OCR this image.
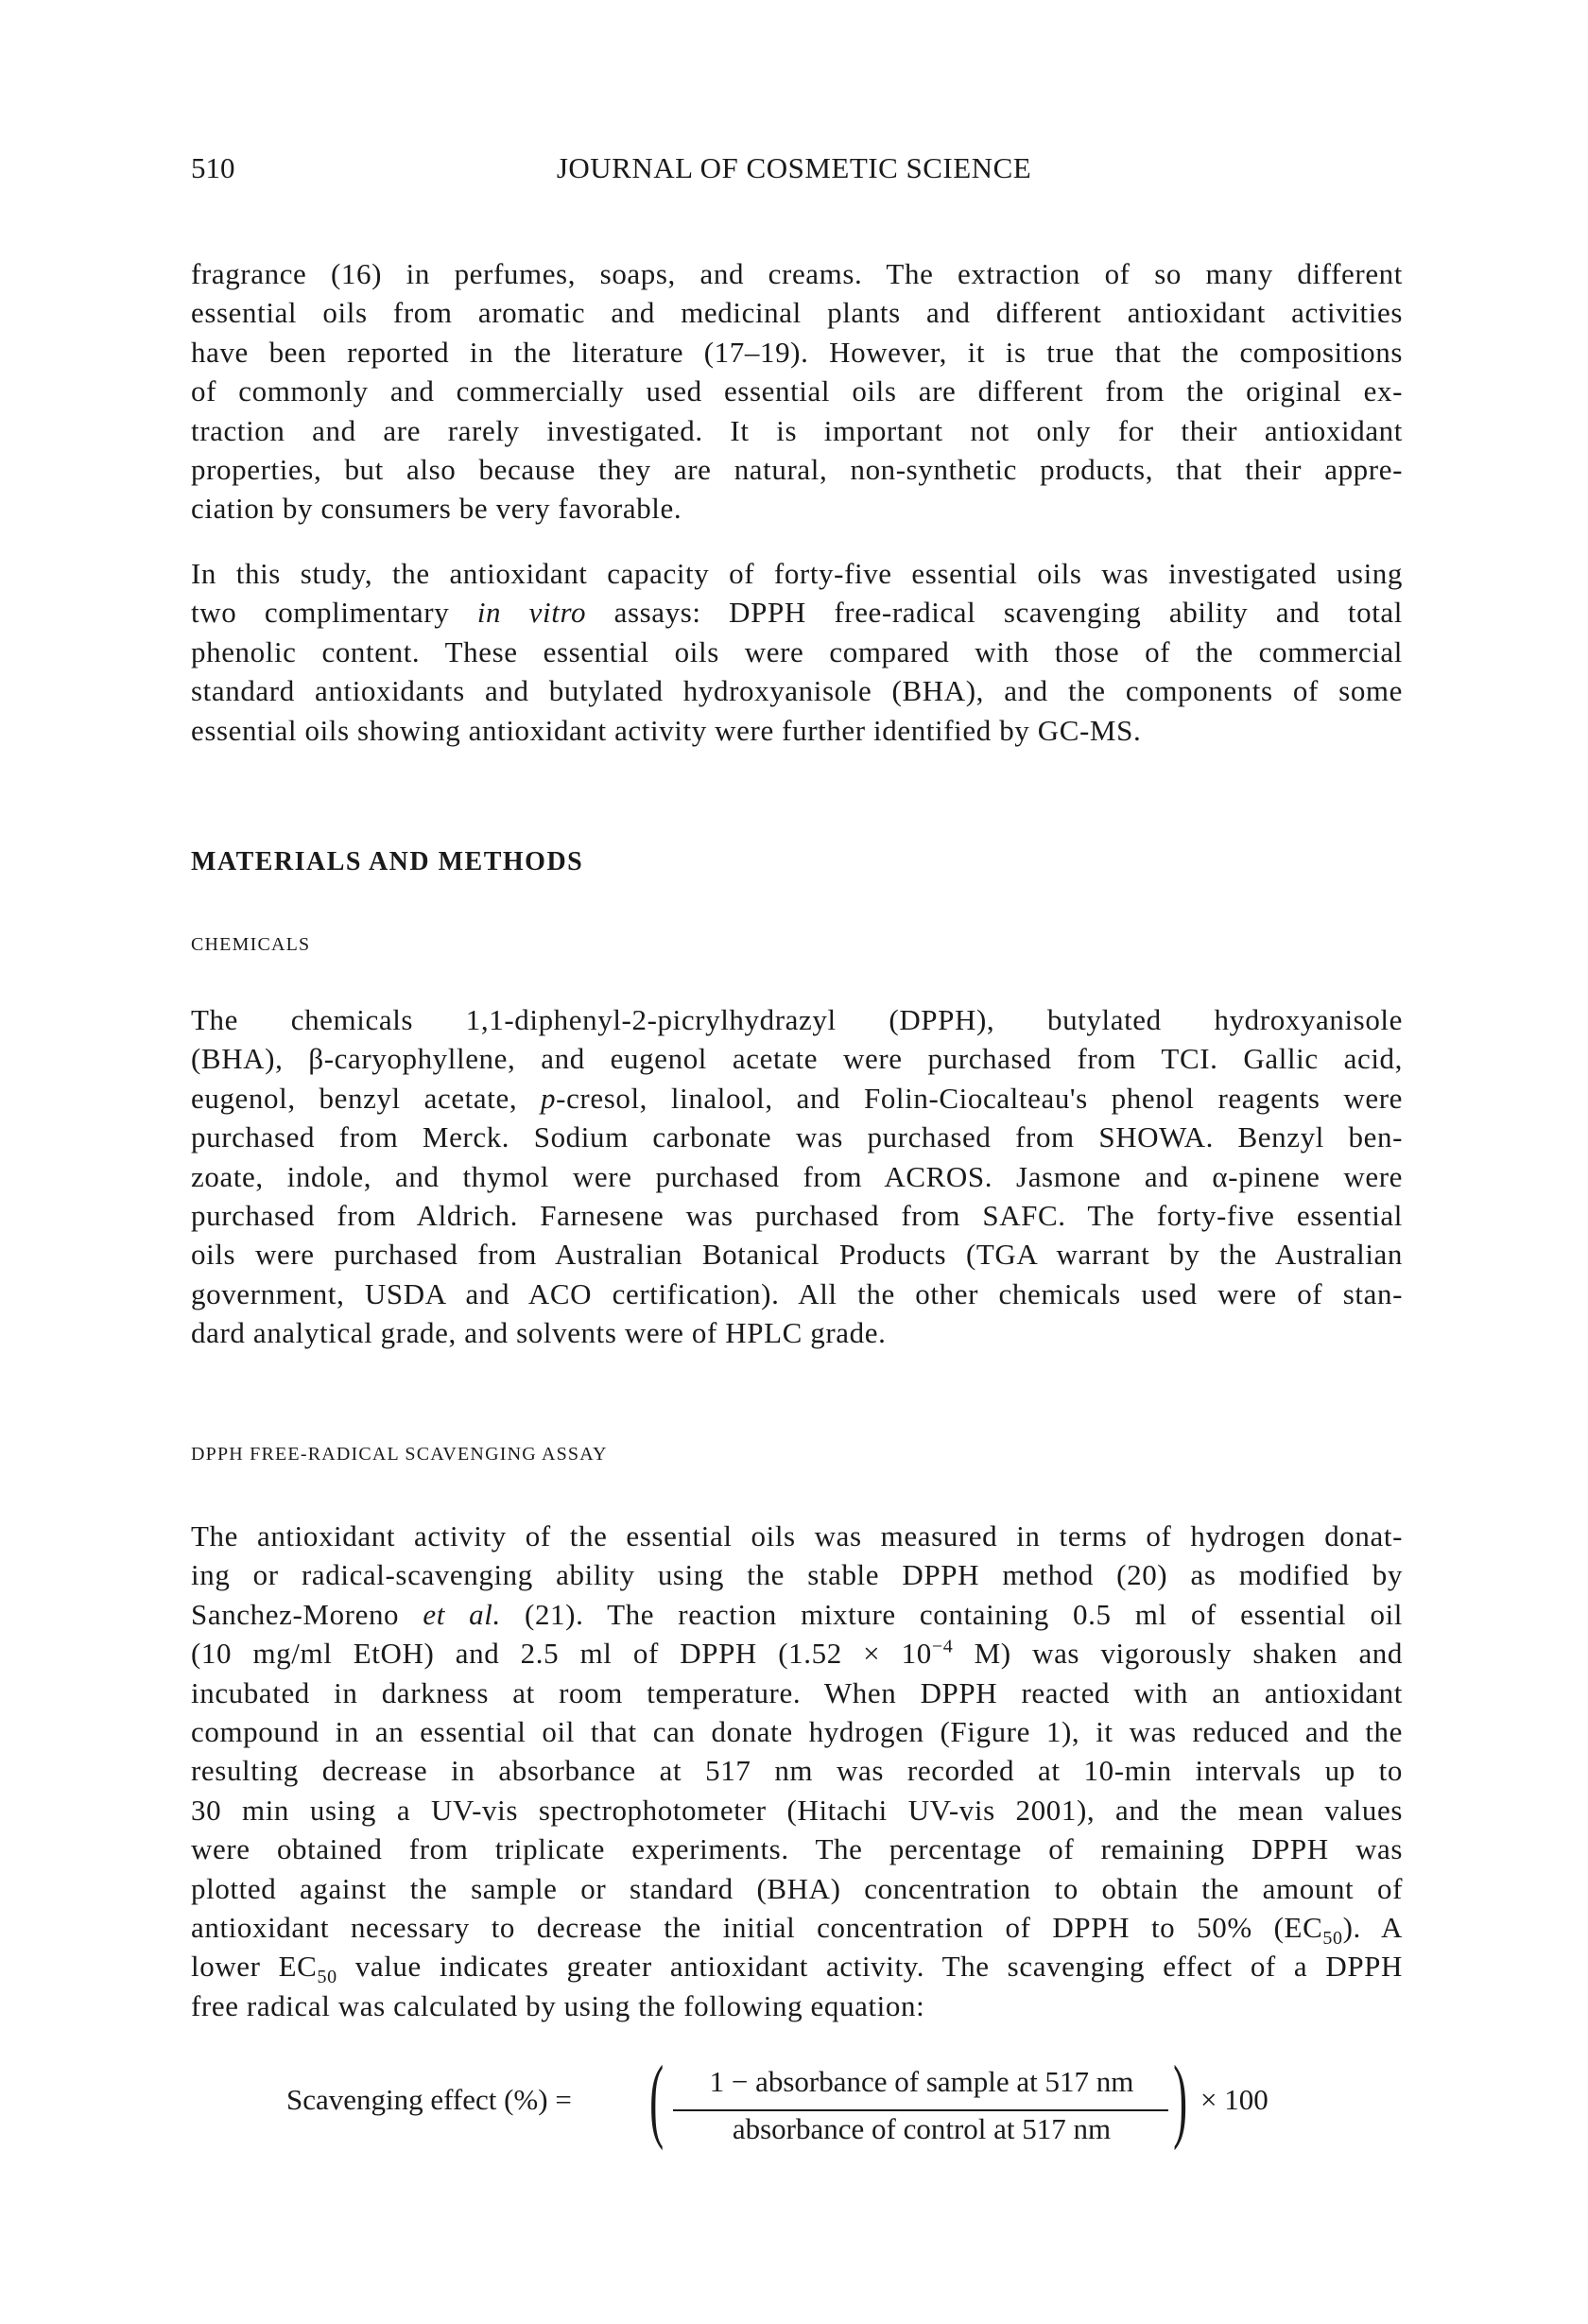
510	JOURNAL OF COSMETIC SCIENCE
fragrance (16) in perfumes, soaps, and creams. The extraction of so many different
essential oils from aromatic and medicinal plants and different antioxidant activities
have been reported in the literature (17–19). However, it is true that the compositions
of commonly and commercially used essential oils are different from the original ex-
traction and are rarely investigated. It is important not only for their antioxidant
properties, but also because they are natural, non-synthetic products, that their appre-
ciation by consumers be very favorable.
In this study, the antioxidant capacity of forty-five essential oils was investigated using
two complimentary in vitro assays: DPPH free-radical scavenging ability and total
phenolic content. These essential oils were compared with those of the commercial
standard antioxidants and butylated hydroxyanisole (BHA), and the components of some
essential oils showing antioxidant activity were further identified by GC-MS.
MATERIALS AND METHODS
CHEMICALS
The chemicals 1,1-diphenyl-2-picrylhydrazyl (DPPH), butylated hydroxyanisole
(BHA), β-caryophyllene, and eugenol acetate were purchased from TCI. Gallic acid,
eugenol, benzyl acetate, p-cresol, linalool, and Folin-Ciocalteau's phenol reagents were
purchased from Merck. Sodium carbonate was purchased from SHOWA. Benzyl ben-
zoate, indole, and thymol were purchased from ACROS. Jasmone and α-pinene were
purchased from Aldrich. Farnesene was purchased from SAFC. The forty-five essential
oils were purchased from Australian Botanical Products (TGA warrant by the Australian
government, USDA and ACO certification). All the other chemicals used were of stan-
dard analytical grade, and solvents were of HPLC grade.
DPPH FREE-RADICAL SCAVENGING ASSAY
The antioxidant activity of the essential oils was measured in terms of hydrogen donat-
ing or radical-scavenging ability using the stable DPPH method (20) as modified by
Sanchez-Moreno et al. (21). The reaction mixture containing 0.5 ml of essential oil
(10 mg/ml EtOH) and 2.5 ml of DPPH ($1.52 \times 10^{-4}$ M) was vigorously shaken and
incubated in darkness at room temperature. When DPPH reacted with an antioxidant
compound in an essential oil that can donate hydrogen (Figure 1), it was reduced and the
resulting decrease in absorbance at 517 nm was recorded at 10-min intervals up to
30 min using a UV-vis spectrophotometer (Hitachi UV-vis 2001), and the mean values
were obtained from triplicate experiments. The percentage of remaining DPPH was
plotted against the sample or standard (BHA) concentration to obtain the amount of
antioxidant necessary to decrease the initial concentration of DPPH to 50% $(EC_{50})$. A
lower $EC_{50}$ value indicates greater antioxidant activity. The scavenging effect of a DPPH
free radical was calculated by using the following equation:
Scavenging effect (%) = (	1 − absorbance of sample at 517 nm
absorbance of control at 517 nm ) × 100
